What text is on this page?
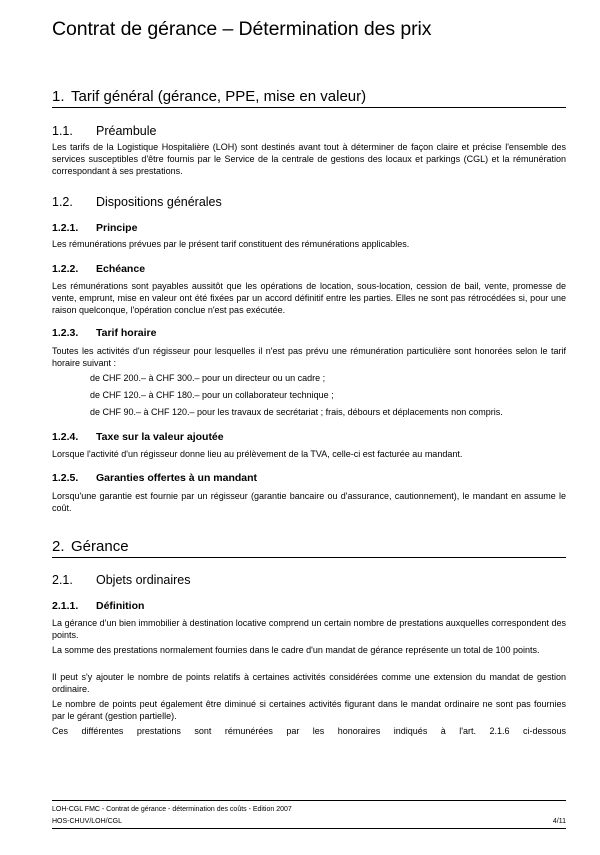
Contrat de gérance – Détermination des prix
1. Tarif général (gérance, PPE, mise en valeur)
1.1. Préambule
Les tarifs de la Logistique Hospitalière (LOH) sont destinés avant tout à déterminer de façon claire et précise l'ensemble des services susceptibles d'être fournis par le Service de la centrale de gestions des locaux et parkings (CGL) et la rémunération correspondant à ses prestations.
1.2. Dispositions générales
1.2.1. Principe
Les rémunérations prévues par le présent tarif constituent des rémunérations applicables.
1.2.2. Echéance
Les rémunérations sont payables aussitôt que les opérations de location, sous-location, cession de bail, vente, promesse de vente, emprunt, mise en valeur ont été fixées par un accord définitif entre les parties. Elles ne sont pas rétrocédées si, pour une raison quelconque, l'opération conclue n'est pas exécutée.
1.2.3. Tarif horaire
Toutes les activités d'un régisseur pour lesquelles il n'est pas prévu une rémunération particulière sont honorées selon le tarif horaire suivant :
de CHF 200.– à CHF 300.– pour un directeur ou un cadre ;
de CHF 120.– à CHF 180.– pour un collaborateur technique ;
de CHF 90.– à CHF 120.– pour les travaux de secrétariat ; frais, débours et déplacements non compris.
1.2.4. Taxe sur la valeur ajoutée
Lorsque l'activité d'un régisseur donne lieu au prélèvement de la TVA, celle-ci est facturée au mandant.
1.2.5. Garanties offertes à un mandant
Lorsqu'une garantie est fournie par un régisseur (garantie bancaire ou d'assurance, cautionnement), le mandant en assume le coût.
2. Gérance
2.1. Objets ordinaires
2.1.1. Définition
La gérance d'un bien immobilier à destination locative comprend un certain nombre de prestations auxquelles correspondent des points.
La somme des prestations normalement fournies dans le cadre d'un mandat de gérance représente un total de 100 points.
Il peut s'y ajouter le nombre de points relatifs à certaines activités considérées comme une extension du mandat de gestion ordinaire.
Le nombre de points peut également être diminué si certaines activités figurant dans le mandat ordinaire ne sont pas fournies par le gérant (gestion partielle).
Ces différentes prestations sont rémunérées par les honoraires indiqués à l'art. 2.1.6 ci-dessous
LOH-CGL FMC - Contrat de gérance - détermination des coûts - Edition 2007
HOS-CHUV/LOH/CGL	4/11
